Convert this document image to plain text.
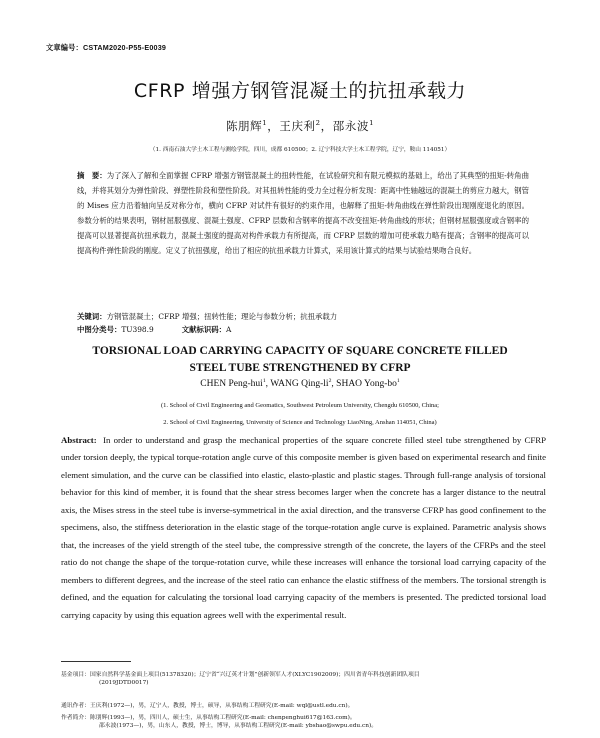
文章编号：CSTAM2020-P55-E0039
CFRP 增强方钢管混凝土的抗扭承载力
陈朋辉$^1$，王庆利$^2$，邵永波$^1$
（1. 西南石油大学土木工程与测绘学院，四川，成都 610500；2. 辽宁科技大学土木工程学院，辽宁，鞍山 114051）
摘　要：为了深入了解和全面掌握 CFRP 增强方钢管混凝土的扭转性能，在试验研究和有限元模拟的基础上，给出了其典型的扭矩-转角曲线，并将其划分为弹性阶段、弹塑性阶段和塑性阶段。对其扭转性能的受力全过程分析发现：距离中性轴越远的混凝土的剪应力越大，钢管的 Mises 应力沿着轴向呈反对称分布，横向 CFRP 对试件有很好的约束作用，也解释了扭矩-转角曲线在弹性阶段出现刚度退化的原因。参数分析的结果表明，钢材屈服强度、混凝土强度、CFRP 层数和含钢率的提高不改变扭矩-转角曲线的形状；但钢材屈服强度或含钢率的提高可以显著提高抗扭承载力，混凝土强度的提高对构件承载力有所提高，而 CFRP 层数的增加可使承载力略有提高；含钢率的提高可以提高构件弹性阶段的刚度。定义了抗扭强度，给出了相应的抗扭承载力计算式，采用该计算式的结果与试验结果吻合良好。
关键词：方钢管混凝土；CFRP 增强；扭转性能；理论与参数分析；抗扭承载力
中图分类号：TU398.9	文献标识码：A
TORSIONAL LOAD CARRYING CAPACITY OF SQUARE CONCRETE FILLED
STEEL TUBE STRENGTHENED BY CFRP
CHEN Peng-hui$^1$, WANG Qing-$li^2$, SHAO Yong-$bo^1$
(1. School of Civil Engineering and Geomatics, Southwest Petroleum University, Chengdu 610500, China;
2. School of Civil Engineering, University of Science and Technology LiaoNing, Anshan 114051, China)
Abstract: In order to understand and grasp the mechanical properties of the square concrete filled steel tube strengthened by CFRP under torsion deeply, the typical torque-rotation angle curve of this composite member is given based on experimental research and finite element simulation, and the curve can be classified into elastic, elasto-plastic and plastic stages. Through full-range analysis of torsional behavior for this kind of member, it is found that the shear stress becomes larger when the concrete has a larger distance to the neutral axis, the Mises stress in the steel tube is inverse-symmetrical in the axial direction, and the transverse CFRP has good confinement to the specimens, also, the stiffness deterioration in the elastic stage of the torque-rotation angle curve is explained. Parametric analysis shows that, the increases of the yield strength of the steel tube, the compressive strength of the concrete, the layers of the CFRPs and the steel ratio do not change the shape of the torque-rotation curve, while these increases will enhance the torsional load carrying capacity of the members to different degrees, and the increase of the steel ratio can enhance the elastic stiffness of the members. The torsional strength is defined, and the equation for calculating the torsional load carrying capacity of the members is presented. The predicted torsional load carrying capacity by using this equation agrees well with the experimental result.
基金项目：国家自然科学基金面上项目(51378320)；辽宁省“兴辽英才计划”创新领军人才(XLYC1902009)；四川省青年科技创新团队项目
(2019JDTD0017)
通讯作者：王庆利(1972—)，男，辽宁人，教授，博士，硕导，从事结构工程研究(E-mail: wql@ustl.edu.cn)。
作者简介：陈朋辉(1993—)，男，四川人，硕士生，从事结构工程研究(E-mail: chenpenghui617@163.com)。
邵永波(1973—)，男，山东人，教授，博士，博导，从事结构工程研究(E-mail: ybshao@swpu.edu.cn)。
